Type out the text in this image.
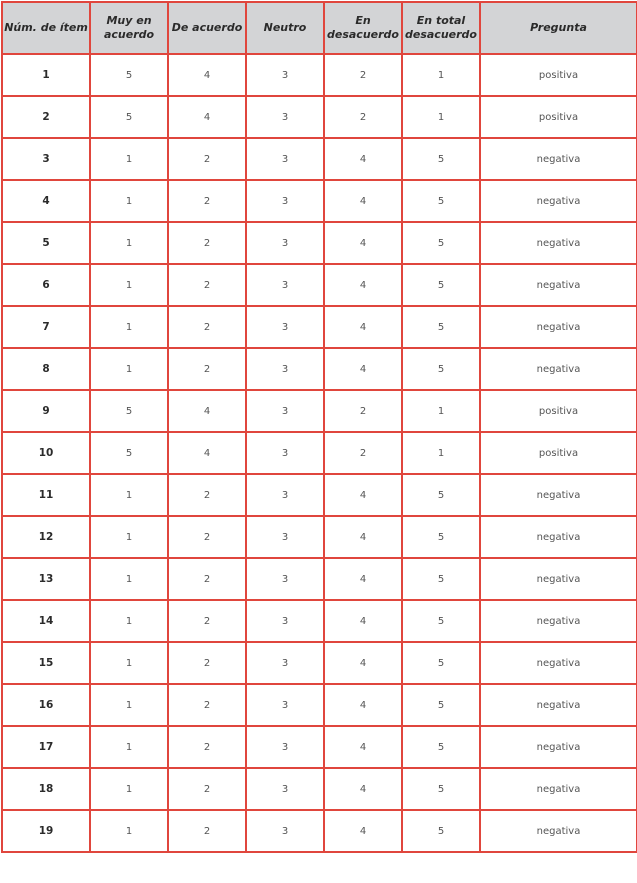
Núm. de ítem	Muy en
acuerdo	De acuerdo	Neutro	En
desacuerdo	En total
desacuerdo	Pregunta
1	5	4	3	2	1	positiva
2	5	4	3	2	1	positiva
3	1	2	3	4	5	negativa
4	1	2	3	4	5	negativa
5	1	2	3	4	5	negativa
6	1	2	3	4	5	negativa
7	1	2	3	4	5	negativa
8	1	2	3	4	5	negativa
9	5	4	3	2	1	positiva
10	5	4	3	2	1	positiva
11	1	2	3	4	5	negativa
12	1	2	3	4	5	negativa
13	1	2	3	4	5	negativa
14	1	2	3	4	5	negativa
15	1	2	3	4	5	negativa
16	1	2	3	4	5	negativa
17	1	2	3	4	5	negativa
18	1	2	3	4	5	negativa
19	1	2	3	4	5	negativa
